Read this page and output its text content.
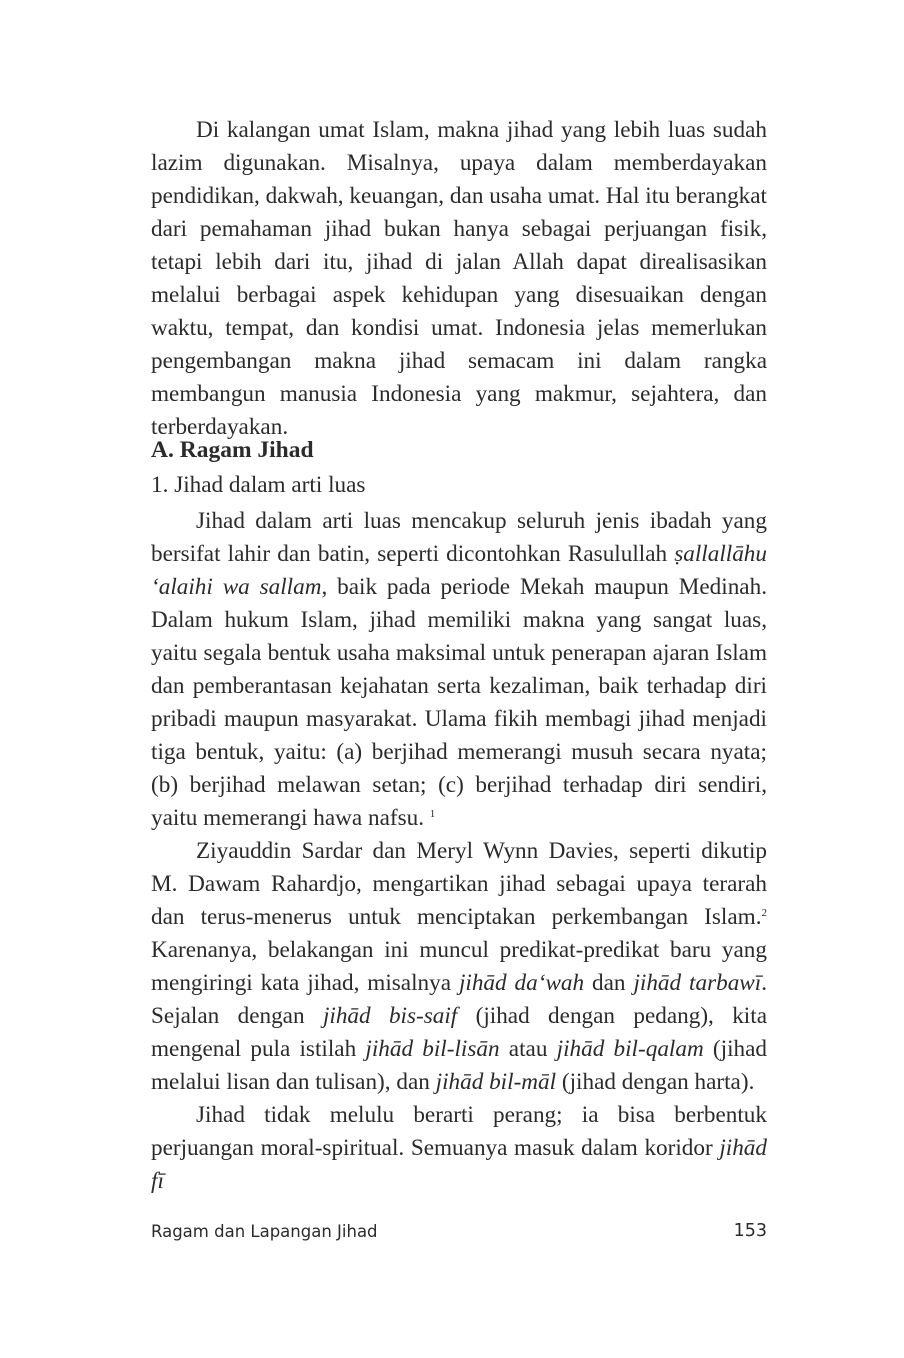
Di kalangan umat Islam, makna jihad yang lebih luas sudah lazim digunakan. Misalnya, upaya dalam memberdayakan pendidikan, dakwah, keuangan, dan usaha umat. Hal itu berangkat dari pemahaman jihad bukan hanya sebagai perjuangan fisik, tetapi lebih dari itu, jihad di jalan Allah dapat direalisasikan melalui berbagai aspek kehidupan yang disesuaikan dengan waktu, tempat, dan kondisi umat. Indonesia jelas memerlukan pengembangan makna jihad semacam ini dalam rangka membangun manusia Indonesia yang makmur, sejahtera, dan terberdayakan.

A. Ragam Jihad
1. Jihad dalam arti luas

Jihad dalam arti luas mencakup seluruh jenis ibadah yang bersifat lahir dan batin, seperti dicontohkan Rasulullah ṣallallāhu ‘alaihi wa sallam, baik pada periode Mekah maupun Medinah. Dalam hukum Islam, jihad memiliki makna yang sangat luas, yaitu segala bentuk usaha maksimal untuk penerapan ajaran Islam dan pemberantasan kejahatan serta kezaliman, baik terhadap diri pribadi maupun masyarakat. Ulama fikih membagi jihad menjadi tiga bentuk, yaitu: (a) berjihad memerangi musuh secara nyata; (b) berjihad melawan setan; (c) berjihad terhadap diri sendiri, yaitu memerangi hawa nafsu. $^1$

Ziyauddin Sardar dan Meryl Wynn Davies, seperti dikutip M. Dawam Rahardjo, mengartikan jihad sebagai upaya terarah dan terus-menerus untuk menciptakan perkembangan Islam.$^2$ Karenanya, belakangan ini muncul predikat-predikat baru yang mengiringi kata jihad, misalnya jihād da‘wah dan jihād tarbawī. Sejalan dengan jihād bis-saif (jihad dengan pedang), kita mengenal pula istilah jihād bil-lisān atau jihād bil-qalam (jihad melalui lisan dan tulisan), dan jihād bil-māl (jihad dengan harta).

Jihad tidak melulu berarti perang; ia bisa berbentuk perjuangan moral-spiritual. Semuanya masuk dalam koridor jihād fī

Ragam dan Lapangan Jihad	153
